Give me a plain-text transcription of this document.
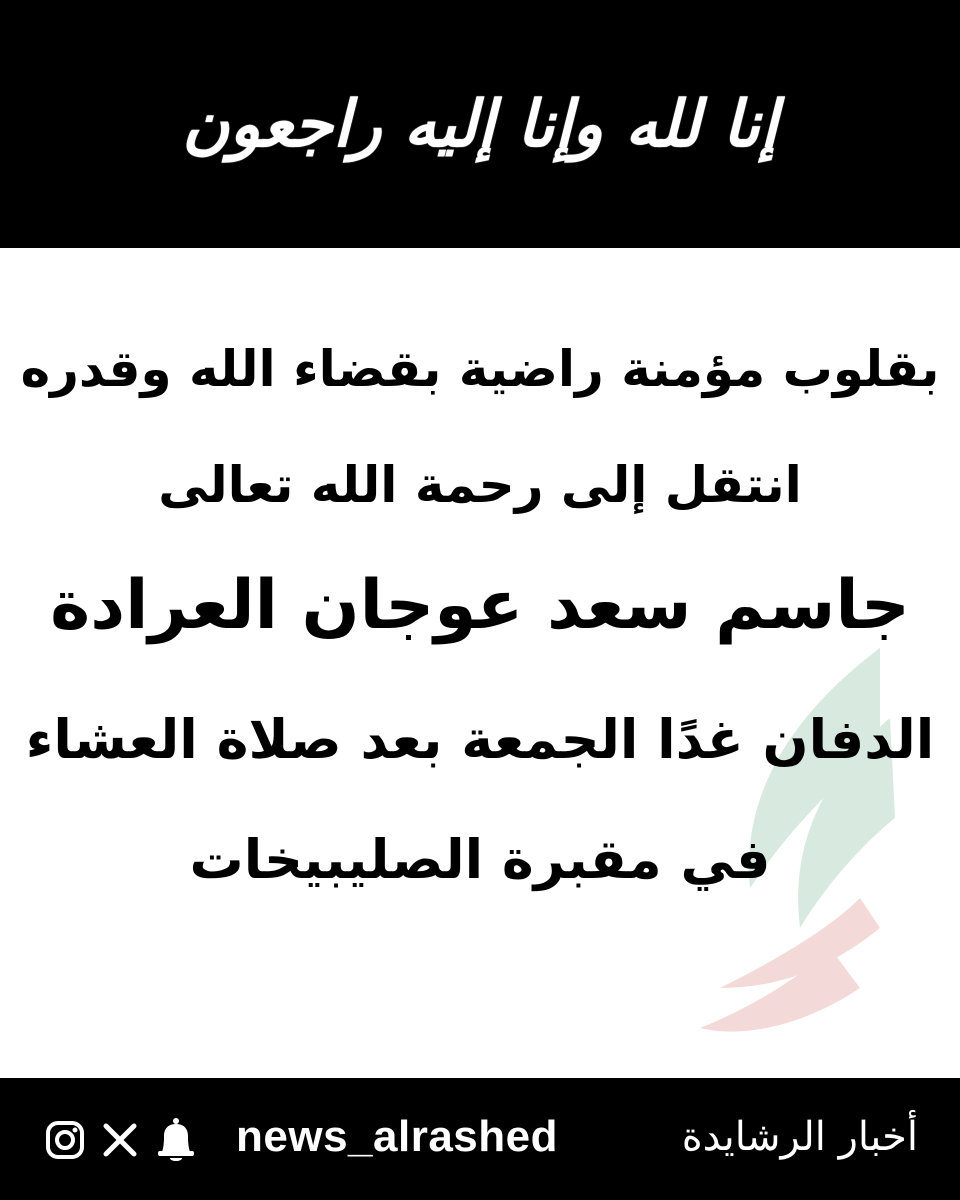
إنا لله وإنا إليه راجعون
بقلوب مؤمنة راضية بقضاء الله وقدره
انتقل إلى رحمة الله تعالى
جاسم سعد عوجان العرادة
الدفان غدًا الجمعة بعد صلاة العشاء
في مقبرة الصليبيخات
news_alrashed	أخبار الرشايدة
